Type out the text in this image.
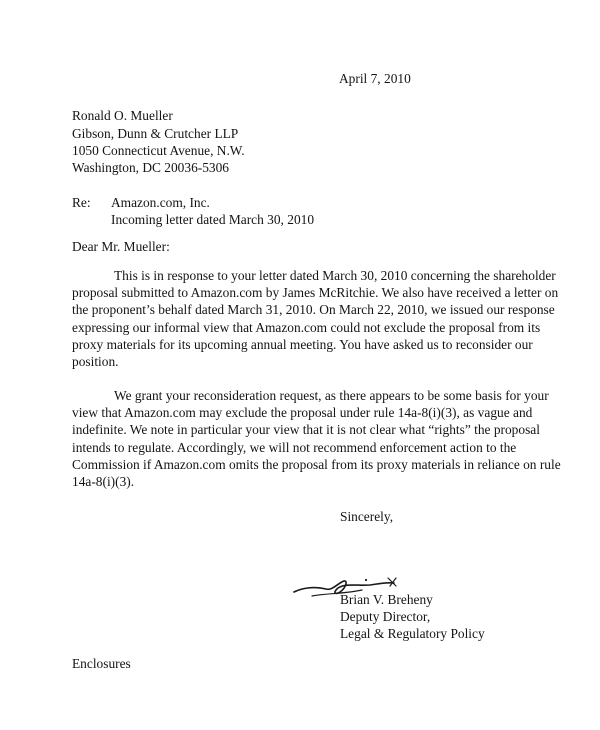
April 7, 2010
Ronald O. Mueller
Gibson, Dunn & Crutcher LLP
1050 Connecticut Avenue, N.W.
Washington, DC 20036-5306
Re: Amazon.com, Inc.
Incoming letter dated March 30, 2010
Dear Mr. Mueller:
This is in response to your letter dated March 30, 2010 concerning the shareholder
proposal submitted to Amazon.com by James McRitchie. We also have received a letter on
the proponent’s behalf dated March 31, 2010. On March 22, 2010, we issued our response
expressing our informal view that Amazon.com could not exclude the proposal from its
proxy materials for its upcoming annual meeting. You have asked us to reconsider our
position.
We grant your reconsideration request, as there appears to be some basis for your
view that Amazon.com may exclude the proposal under rule 14a-8(i)(3), as vague and
indefinite. We note in particular your view that it is not clear what “rights” the proposal
intends to regulate. Accordingly, we will not recommend enforcement action to the
Commission if Amazon.com omits the proposal from its proxy materials in reliance on rule
14a-8(i)(3).
Sincerely,
Brian V. Breheny
Deputy Director,
Legal & Regulatory Policy
Enclosures
